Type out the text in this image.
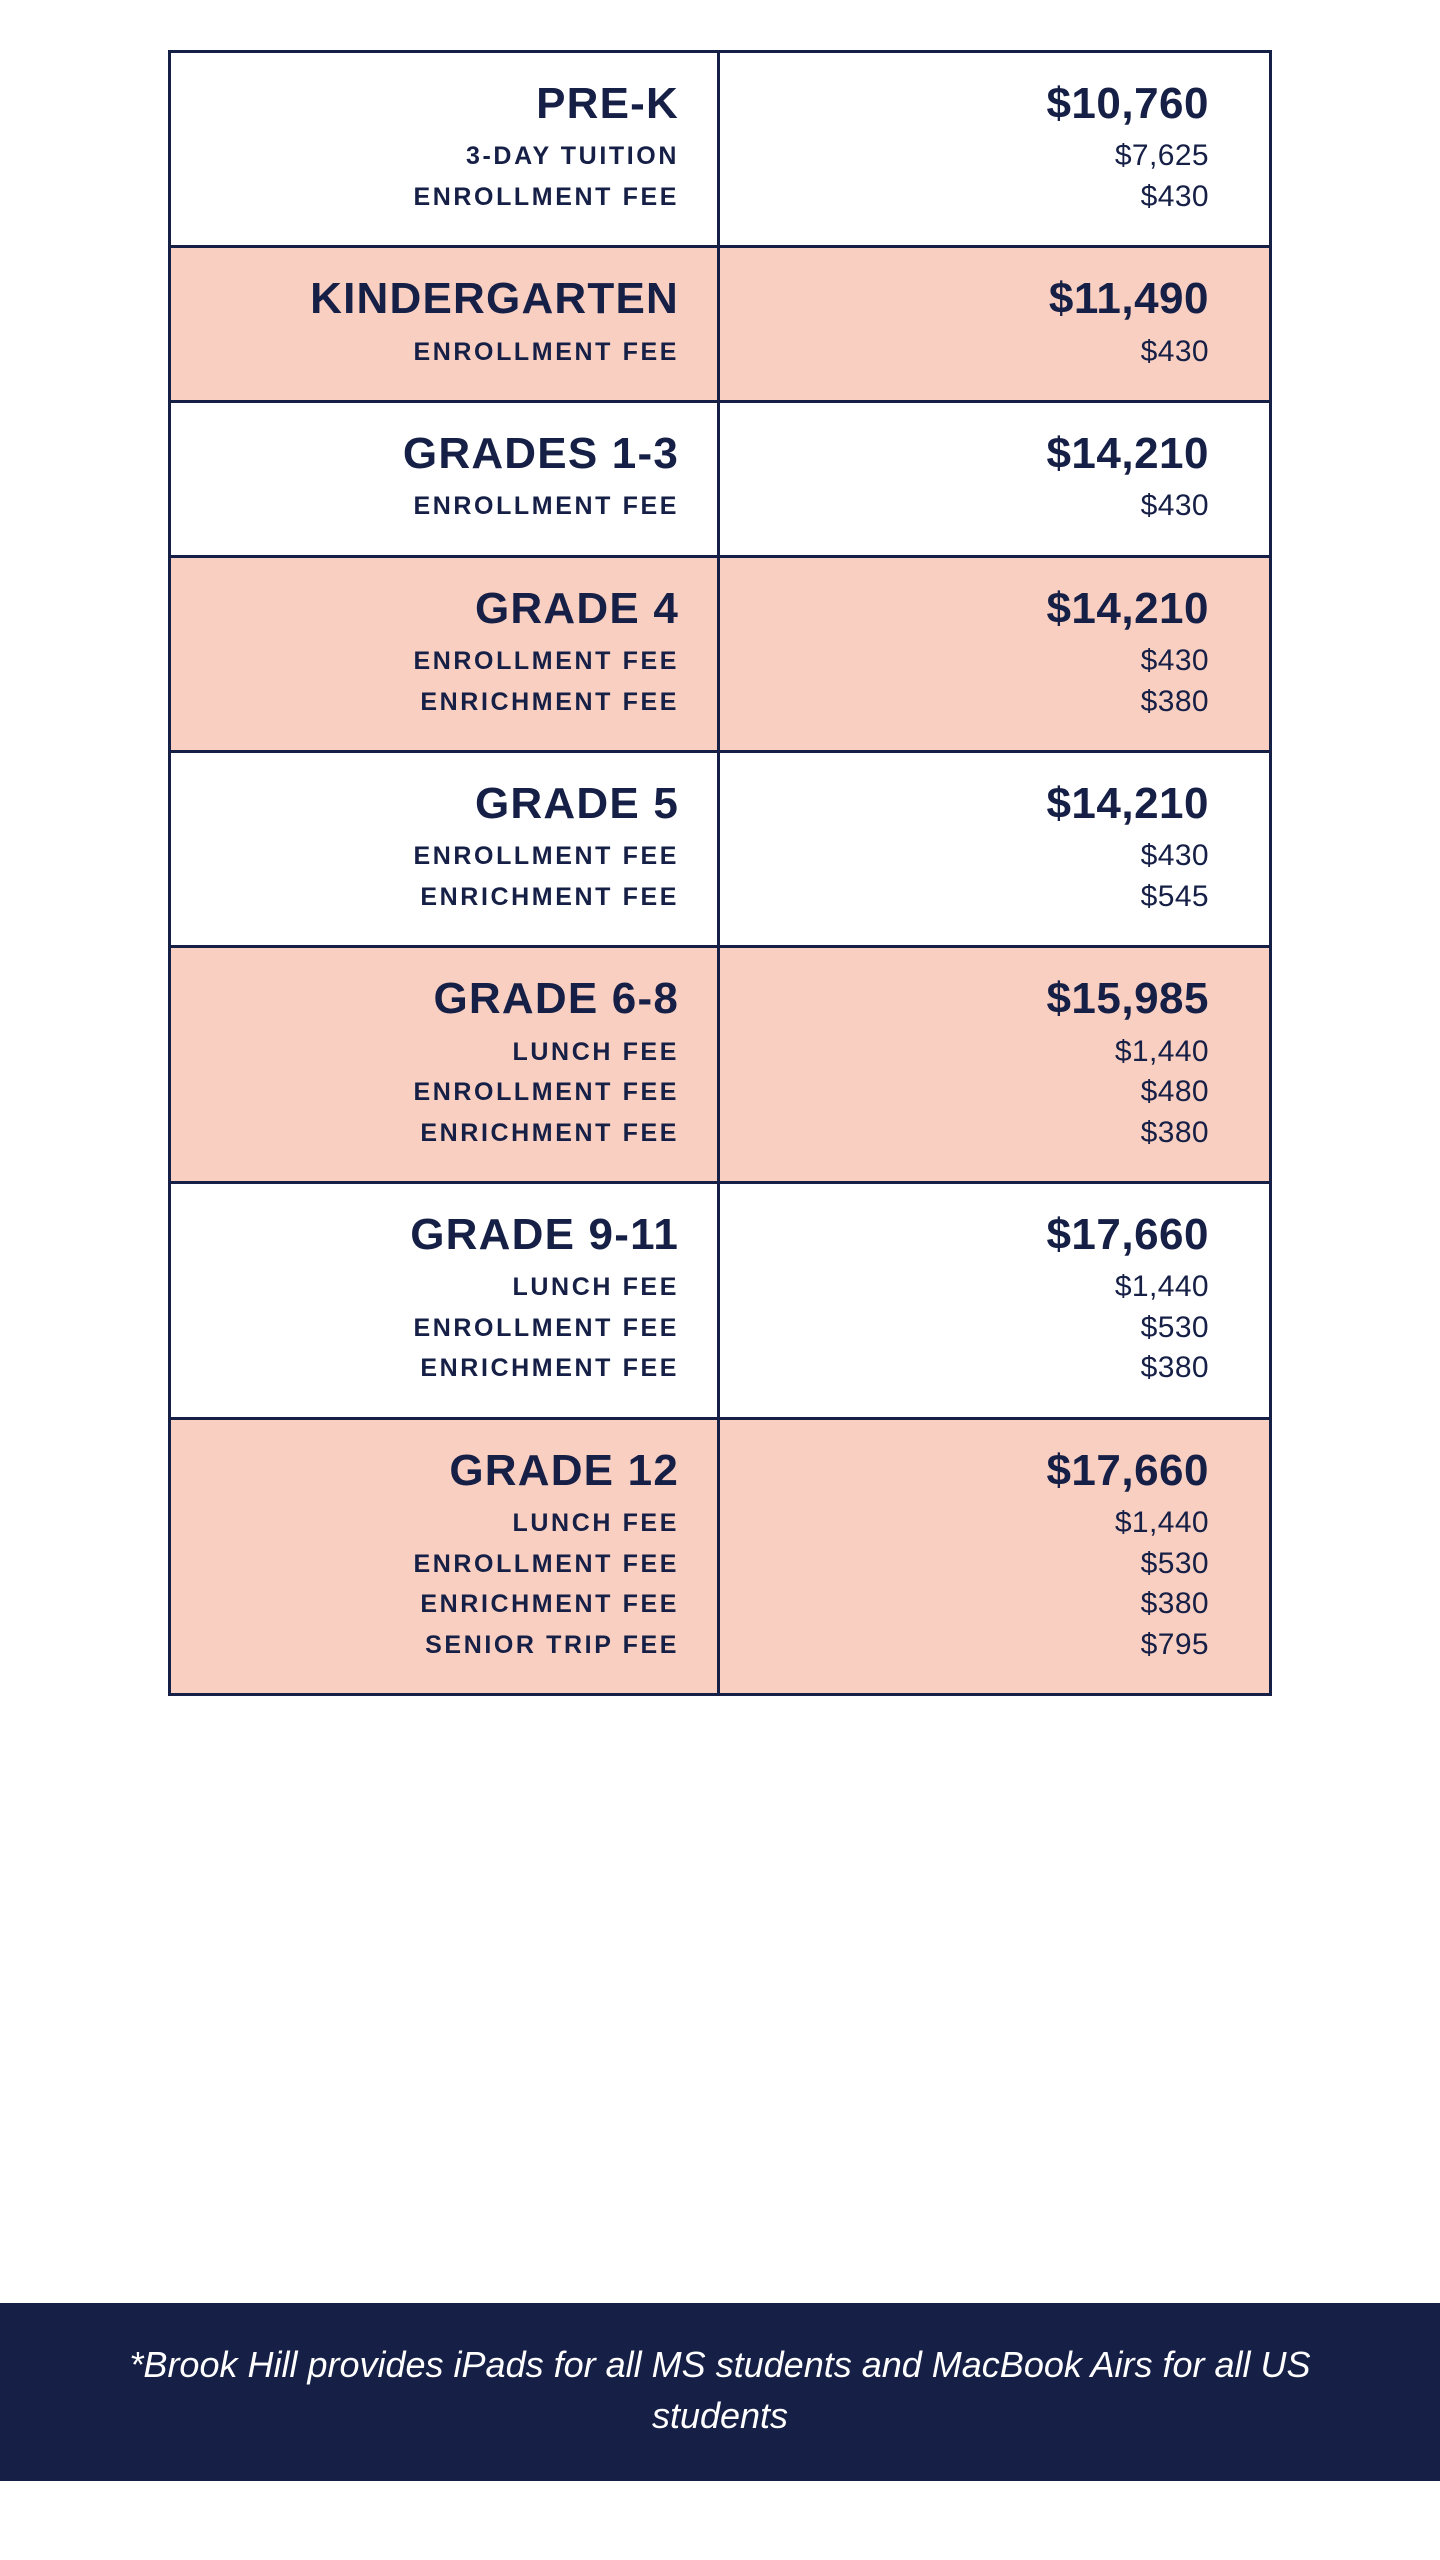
PRE-K

3-DAY TUITION

ENROLLMENT FEE

$10,760

$7,625

$430

KINDERGARTEN

ENROLLMENT FEE

$11,490

$430

GRADES 1-3

ENROLLMENT FEE

$14,210

$430

GRADE 4

ENROLLMENT FEE

ENRICHMENT FEE

$14,210

$430

$380

GRADE 5

ENROLLMENT FEE

ENRICHMENT FEE

$14,210

$430

$545

GRADE 6-8

LUNCH FEE

ENROLLMENT FEE

ENRICHMENT FEE

$15,985

$1,440

$480

$380

GRADE 9-11

LUNCH FEE

ENROLLMENT FEE

ENRICHMENT FEE

$17,660

$1,440

$530

$380

GRADE 12

LUNCH FEE

ENROLLMENT FEE

ENRICHMENT FEE

SENIOR TRIP FEE

$17,660

$1,440

$530

$380

$795

*Brook Hill provides iPads for all MS students and MacBook Airs for all US students
